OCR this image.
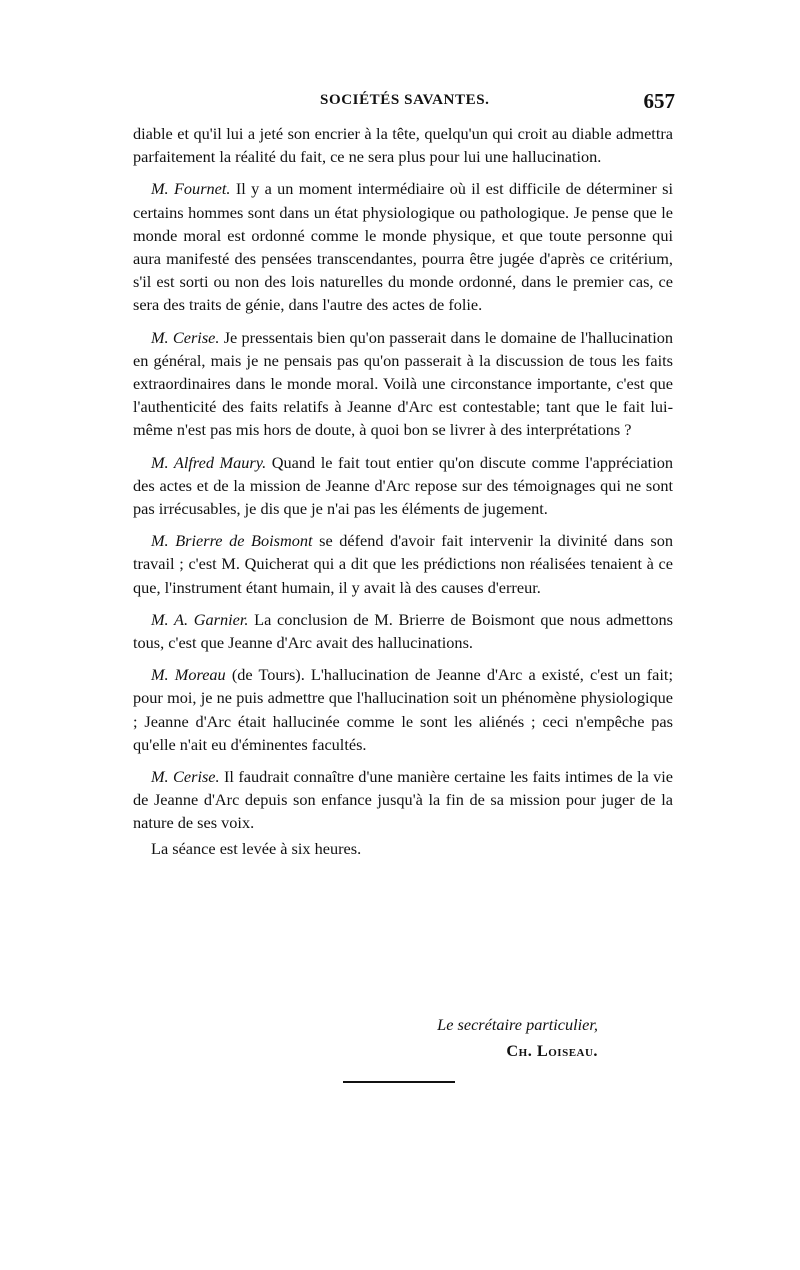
SOCIÉTÉS SAVANTES.	657

diable et qu'il lui a jeté son encrier à la tête, quelqu'un qui croit au diable admettra parfaitement la réalité du fait, ce ne sera plus pour lui une hallucination.

M. Fournet. Il y a un moment intermédiaire où il est difficile de déterminer si certains hommes sont dans un état physiologique ou pathologique. Je pense que le monde moral est ordonné comme le monde physique, et que toute personne qui aura manifesté des pensées transcendantes, pourra être jugée d'après ce critérium, s'il est sorti ou non des lois naturelles du monde ordonné, dans le premier cas, ce sera des traits de génie, dans l'autre des actes de folie.

M. Cerise. Je pressentais bien qu'on passerait dans le domaine de l'hallucination en général, mais je ne pensais pas qu'on passerait à la discussion de tous les faits extraordinaires dans le monde moral. Voilà une circonstance importante, c'est que l'authenticité des faits relatifs à Jeanne d'Arc est contestable; tant que le fait lui-même n'est pas mis hors de doute, à quoi bon se livrer à des interprétations ?

M. Alfred Maury. Quand le fait tout entier qu'on discute comme l'appréciation des actes et de la mission de Jeanne d'Arc repose sur des témoignages qui ne sont pas irrécusables, je dis que je n'ai pas les éléments de jugement.

M. Brierre de Boismont se défend d'avoir fait intervenir la divinité dans son travail ; c'est M. Quicherat qui a dit que les prédictions non réalisées tenaient à ce que, l'instrument étant humain, il y avait là des causes d'erreur.

M. A. Garnier. La conclusion de M. Brierre de Boismont que nous admettons tous, c'est que Jeanne d'Arc avait des hallucinations.

M. Moreau (de Tours). L'hallucination de Jeanne d'Arc a existé, c'est un fait; pour moi, je ne puis admettre que l'hallucination soit un phénomène physiologique ; Jeanne d'Arc était hallucinée comme le sont les aliénés ; ceci n'empêche pas qu'elle n'ait eu d'éminentes facultés.

M. Cerise. Il faudrait connaître d'une manière certaine les faits intimes de la vie de Jeanne d'Arc depuis son enfance jusqu'à la fin de sa mission pour juger de la nature de ses voix.

La séance est levée à six heures.

Le secrétaire particulier,
Ch. Loiseau.
